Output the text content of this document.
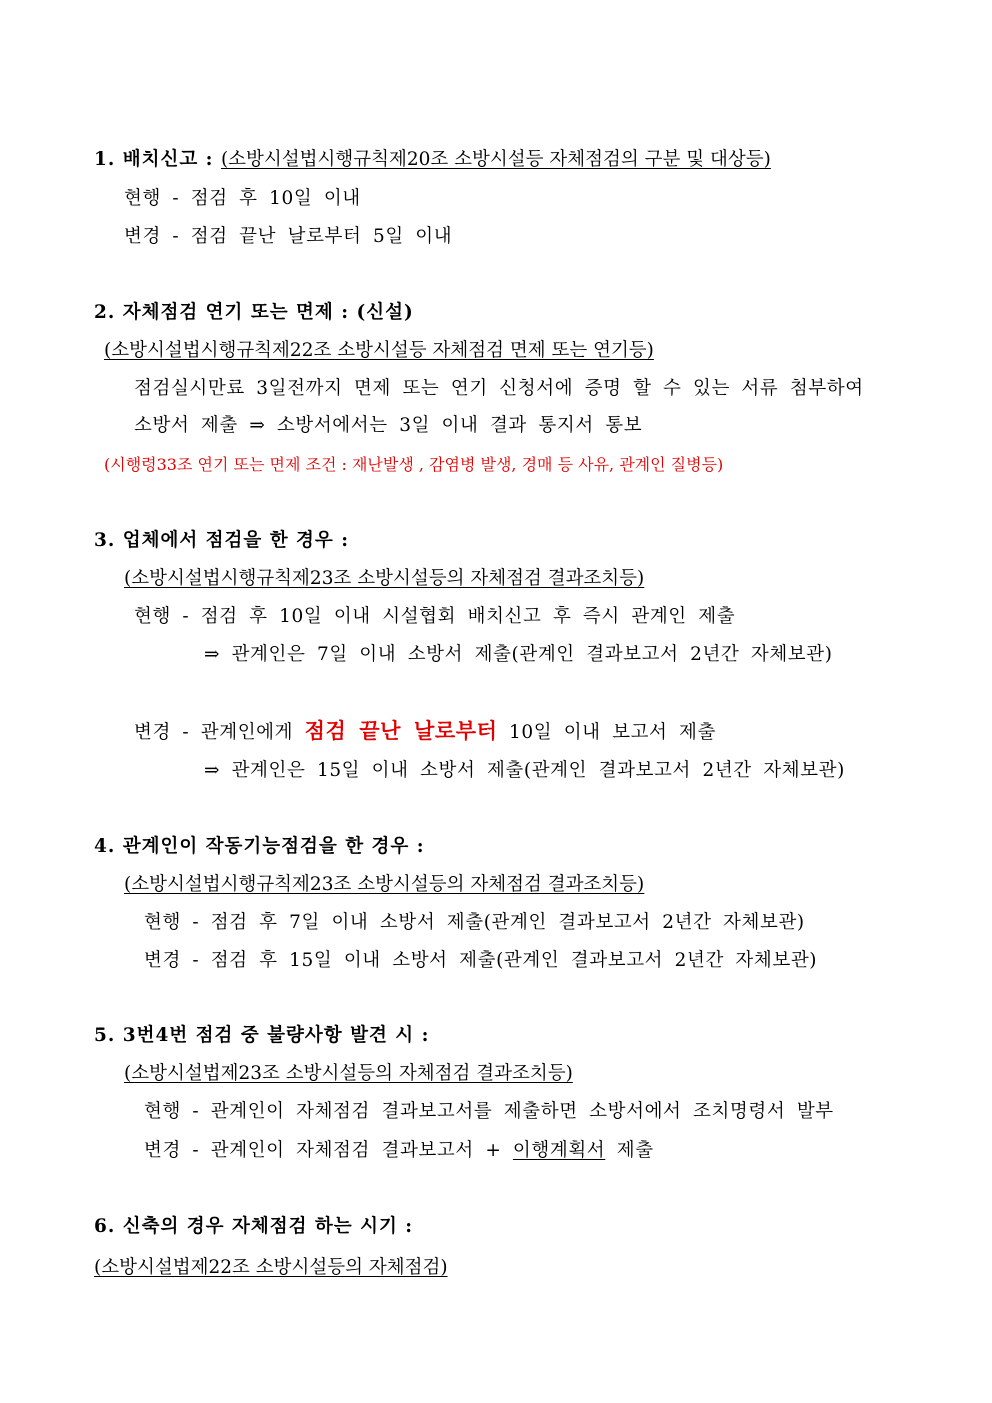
1. 배치신고 : (소방시설법시행규칙제20조 소방시설등 자체점검의 구분 및 대상등)
현행 - 점검 후 10일 이내
변경 - 점검 끝난 날로부터 5일 이내
2. 자체점검 연기 또는 면제 : (신설)
(소방시설법시행규칙제22조 소방시설등 자체점검 면제 또는 연기등)
점검실시만료 3일전까지 면제 또는 연기 신청서에 증명 할 수 있는 서류 첨부하여
소방서 제출 ⇒ 소방서에서는 3일 이내 결과 통지서 통보
(시행령33조 연기 또는 면제 조건 : 재난발생 , 감염병 발생, 경매 등 사유, 관계인 질병등)
3. 업체에서 점검을 한 경우 :
(소방시설법시행규칙제23조 소방시설등의 자체점검 결과조치등)
현행 - 점검 후 10일 이내 시설협회 배치신고 후 즉시 관계인 제출
⇒ 관계인은 7일 이내 소방서 제출(관계인 결과보고서 2년간 자체보관)
변경 - 관계인에게 점검 끝난 날로부터 10일 이내 보고서 제출
⇒ 관계인은 15일 이내 소방서 제출(관계인 결과보고서 2년간 자체보관)
4. 관계인이 작동기능점검을 한 경우 :
(소방시설법시행규칙제23조 소방시설등의 자체점검 결과조치등)
현행 - 점검 후 7일 이내 소방서 제출(관계인 결과보고서 2년간 자체보관)
변경 - 점검 후 15일 이내 소방서 제출(관계인 결과보고서 2년간 자체보관)
5. 3번4번 점검 중 불량사항 발견 시 :
(소방시설법제23조 소방시설등의 자체점검 결과조치등)
현행 - 관계인이 자체점검 결과보고서를 제출하면 소방서에서 조치명령서 발부
변경 - 관계인이 자체점검 결과보고서 + 이행계획서 제출
6. 신축의 경우 자체점검 하는 시기 :
(소방시설법제22조 소방시설등의 자체점검)
